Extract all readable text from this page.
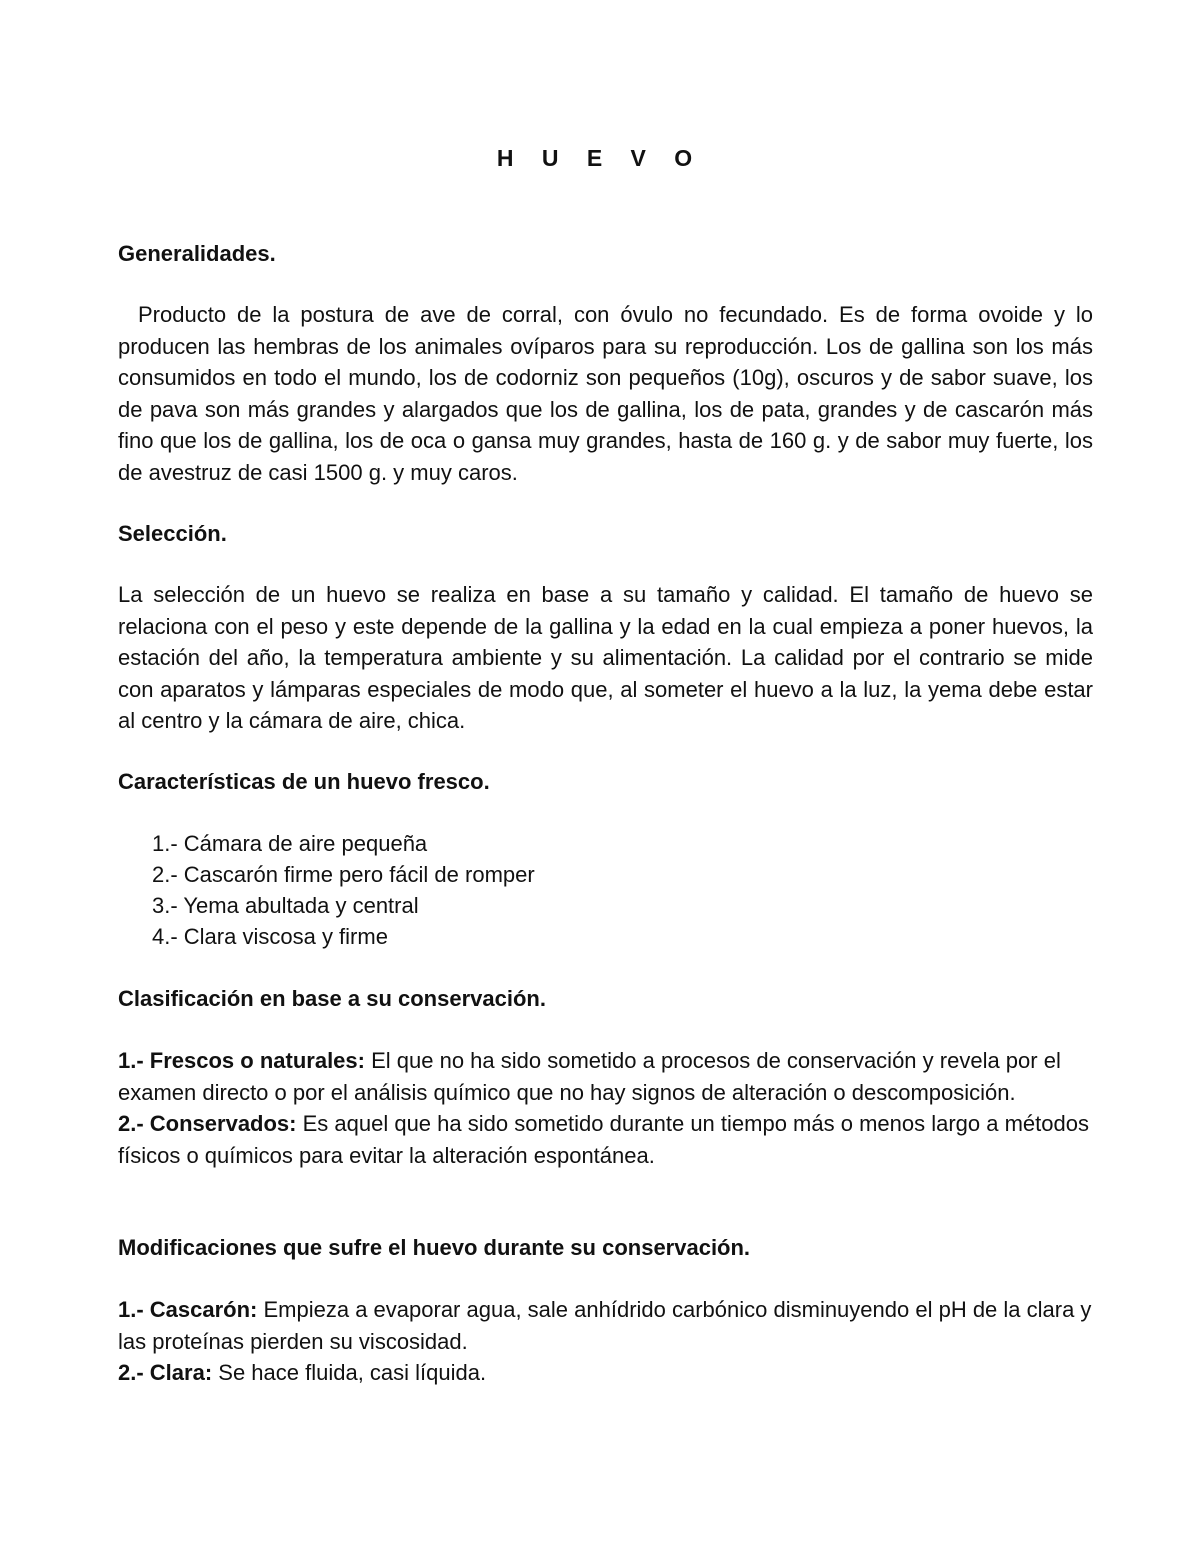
H U E V O
Generalidades.

Producto de la postura de ave de corral, con óvulo no fecundado. Es de forma ovoide y lo producen las hembras de los animales ovíparos para su reproducción. Los de gallina son los más consumidos en todo el mundo, los de codorniz son pequeños (10g), oscuros y de sabor suave, los de pava son más grandes y alargados que los de gallina, los de pata, grandes y de cascarón más fino que los de gallina, los de oca o gansa muy grandes, hasta de 160 g. y de sabor muy fuerte, los de avestruz de casi 1500 g. y muy caros.

Selección.

La selección de un huevo se realiza en base a su tamaño y calidad. El tamaño de huevo se relaciona con el peso y este depende de la gallina y la edad en la cual empieza a poner huevos, la estación del año, la temperatura ambiente y su alimentación. La calidad por el contrario se mide con aparatos y lámparas especiales de modo que, al someter el huevo a la luz, la yema debe estar al centro y la cámara de aire, chica.

Características de un huevo fresco.
1.- Cámara de aire pequeña
2.- Cascarón firme pero fácil de romper
3.- Yema abultada y central
4.- Clara viscosa y firme
Clasificación en base a su conservación.

1.- Frescos o naturales: El que no ha sido sometido a procesos de conservación y revela por el examen directo o por el análisis químico que no hay signos de alteración o descomposición.

2.- Conservados: Es aquel que ha sido sometido durante un tiempo más o menos largo a métodos físicos o químicos para evitar la alteración espontánea.

Modificaciones que sufre el huevo durante su conservación.

1.- Cascarón: Empieza a evaporar agua, sale anhídrido carbónico disminuyendo el pH de la clara y las proteínas pierden su viscosidad.

2.- Clara: Se hace fluida, casi líquida.
